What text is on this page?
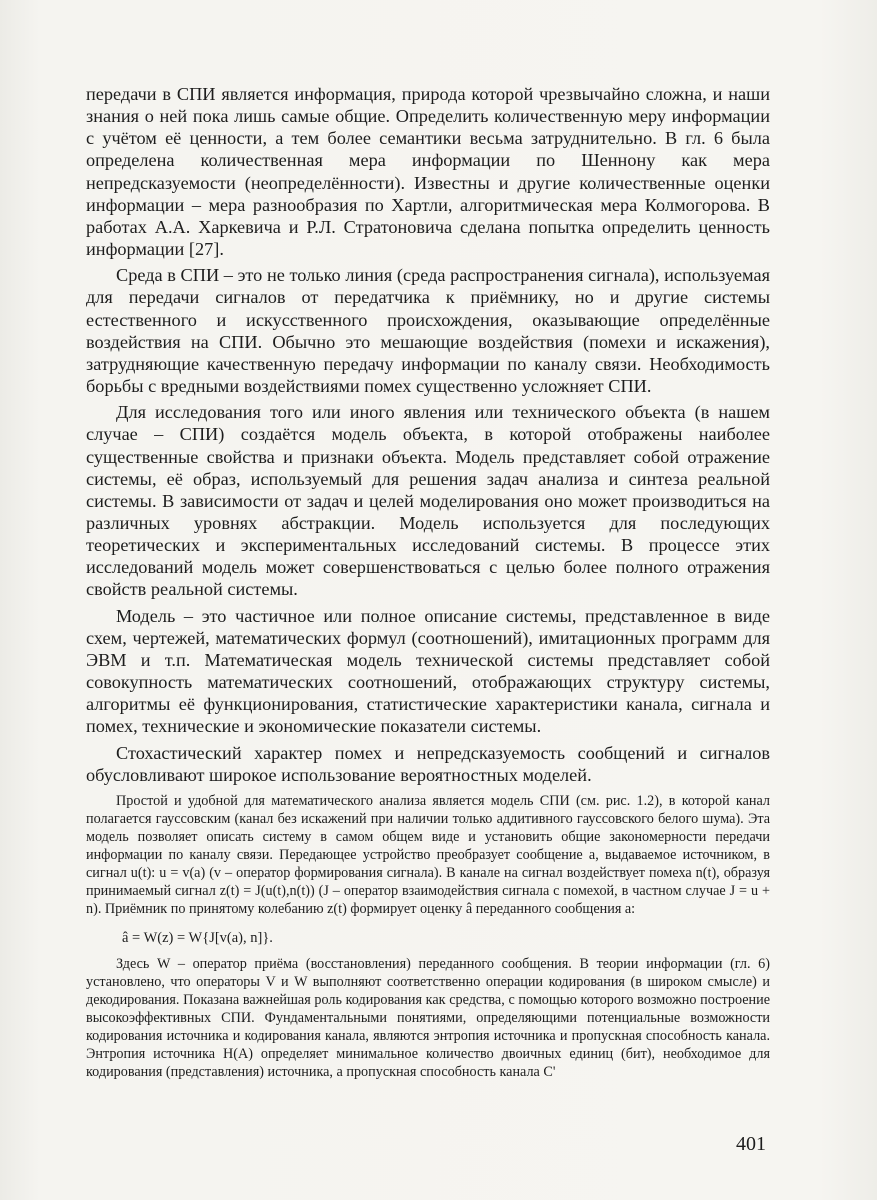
передачи в СПИ является информация, природа которой чрезвычайно сложна, и наши знания о ней пока лишь самые общие. Определить количественную меру информации с учётом её ценности, а тем более семантики весьма затруднительно. В гл. 6 была определена количественная мера информации по Шеннону как мера непредсказуемости (неопределённости). Известны и другие количественные оценки информации – мера разнообразия по Хартли, алгоритмическая мера Колмогорова. В работах А.А. Харкевича и Р.Л. Стратоновича сделана попытка определить ценность информации [27].

Среда в СПИ – это не только линия (среда распространения сигнала), используемая для передачи сигналов от передатчика к приёмнику, но и другие системы естественного и искусственного происхождения, оказывающие определённые воздействия на СПИ. Обычно это мешающие воздействия (помехи и искажения), затрудняющие качественную передачу информации по каналу связи. Необходимость борьбы с вредными воздействиями помех существенно усложняет СПИ.

Для исследования того или иного явления или технического объекта (в нашем случае – СПИ) создаётся модель объекта, в которой отображены наиболее существенные свойства и признаки объекта. Модель представляет собой отражение системы, её образ, используемый для решения задач анализа и синтеза реальной системы. В зависимости от задач и целей моделирования оно может производиться на различных уровнях абстракции. Модель используется для последующих теоретических и экспериментальных исследований системы. В процессе этих исследований модель может совершенствоваться с целью более полного отражения свойств реальной системы.

Модель – это частичное или полное описание системы, представленное в виде схем, чертежей, математических формул (соотношений), имитационных программ для ЭВМ и т.п. Математическая модель технической системы представляет собой совокупность математических соотношений, отображающих структуру системы, алгоритмы её функционирования, статистические характеристики канала, сигнала и помех, технические и экономические показатели системы.

Стохастический характер помех и непредсказуемость сообщений и сигналов обусловливают широкое использование вероятностных моделей.

Простой и удобной для математического анализа является модель СПИ (см. рис. 1.2), в которой канал полагается гауссовским (канал без искажений при наличии только аддитивного гауссовского белого шума). Эта модель позволяет описать систему в самом общем виде и установить общие закономерности передачи информации по каналу связи. Передающее устройство преобразует сообщение a, выдаваемое источником, в сигнал u(t): u = v(a) (v – оператор формирования сигнала). В канале на сигнал воздействует помеха n(t), образуя принимаемый сигнал z(t) = J(u(t),n(t)) (J – оператор взаимодействия сигнала с помехой, в частном случае J = u + n). Приёмник по принятому колебанию z(t) формирует оценку â переданного сообщения a:

â = W(z) = W{J[v(a), n]}.

Здесь W – оператор приёма (восстановления) переданного сообщения. В теории информации (гл. 6) установлено, что операторы V и W выполняют соответственно операции кодирования (в широком смысле) и декодирования. Показана важнейшая роль кодирования как средства, с помощью которого возможно построение высокоэффективных СПИ. Фундаментальными понятиями, определяющими потенциальные возможности кодирования источника и кодирования канала, являются энтропия источника и пропускная способность канала. Энтропия источника H(A) определяет минимальное количество двоичных единиц (бит), необходимое для кодирования (представления) источника, а пропускная способность канала C'

401
